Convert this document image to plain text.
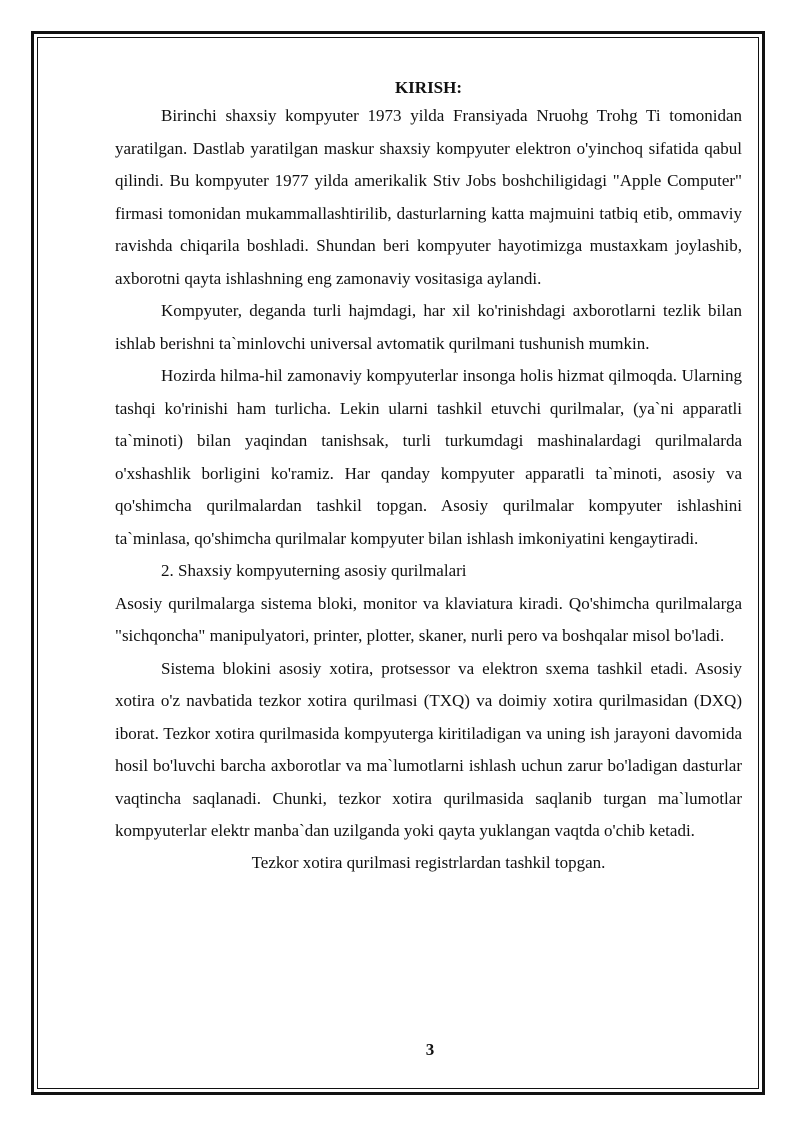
KIRISH:

Birinchi shaxsiy kompyuter 1973 yilda Fransiyada Nruohg Trohg Ti tomonidan yaratilgan. Dastlab yaratilgan maskur shaxsiy kompyuter elektron o'yinchoq sifatida qabul qilindi. Bu kompyuter 1977 yilda amerikalik Stiv Jobs boshchiligidagi "Apple Computer" firmasi tomonidan mukammallashtirilib, dasturlarning katta majmuini tatbiq etib, ommaviy ravishda chiqarila boshladi. Shundan beri kompyuter hayotimizga mustaxkam joylashib, axborotni qayta ishlashning eng zamonaviy vositasiga aylandi.

Kompyuter, deganda turli hajmdagi, har xil ko'rinishdagi axborotlarni tezlik bilan ishlab berishni ta`minlovchi universal avtomatik qurilmani tushunish mumkin.

Hozirda hilma-hil zamonaviy kompyuterlar insonga holis hizmat qilmoqda. Ularning tashqi ko'rinishi ham turlicha. Lekin ularni tashkil etuvchi qurilmalar, (ya`ni apparatli ta`minoti) bilan yaqindan tanishsak, turli turkumdagi mashinalardagi qurilmalarda o'xshashlik borligini ko'ramiz. Har qanday kompyuter apparatli ta`minoti, asosiy va qo'shimcha qurilmalardan tashkil topgan. Asosiy qurilmalar kompyuter ishlashini ta`minlasa, qo'shimcha qurilmalar kompyuter bilan ishlash imkoniyatini kengaytiradi.

2. Shaxsiy kompyuterning asosiy qurilmalari

Asosiy qurilmalarga sistema bloki, monitor va klaviatura kiradi. Qo'shimcha qurilmalarga "sichqoncha" manipulyatori, printer, plotter, skaner, nurli pero va boshqalar misol bo'ladi.

Sistema blokini asosiy xotira, protsessor va elektron sxema tashkil etadi. Asosiy xotira o'z navbatida tezkor xotira qurilmasi (TXQ) va doimiy xotira qurilmasidan (DXQ) iborat. Tezkor xotira qurilmasida kompyuterga kiritiladigan va uning ish jarayoni davomida hosil bo'luvchi barcha axborotlar va ma`lumotlarni ishlash uchun zarur bo'ladigan dasturlar vaqtincha saqlanadi. Chunki, tezkor xotira qurilmasida saqlanib turgan ma`lumotlar kompyuterlar elektr manba`dan uzilganda yoki qayta yuklangan vaqtda o'chib ketadi.

Tezkor xotira qurilmasi registrlardan tashkil topgan.
3
